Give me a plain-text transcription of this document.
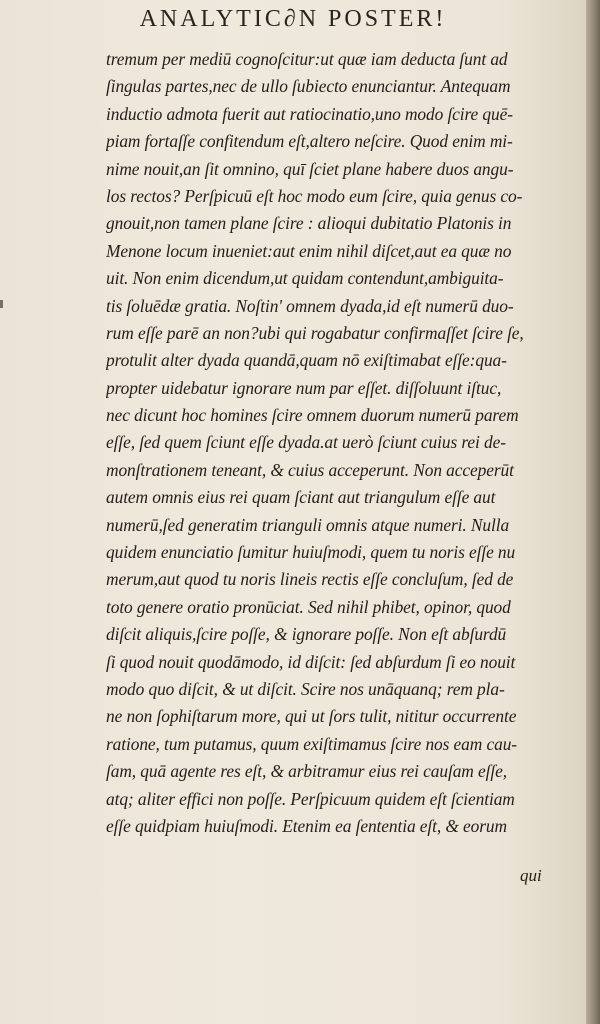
ANALYTIC∂N POSTER!
tremum per mediū cognoſcitur:ut quæ iam deducta ſunt ad
ſingulas partes,nec de ullo ſubiecto enunciantur. Antequam
inductio admota fuerit aut ratiocinatio,uno modo ſcire quē-
piam fortaſſe confitendum eſt,altero neſcire. Quod enim mi-
nime nouit,an ſit omnino, quī ſciet plane habere duos angu-
los rectos? Perſpicuū eſt hoc modo eum ſcire, quia genus co-
gnouit,non tamen plane ſcire : alioqui dubitatio Platonis in
Menone locum inueniet:aut enim nihil diſcet,aut ea quæ no
uit. Non enim dicendum,ut quidam contendunt,ambiguita-
tis ſoluēdæ gratia. Noſtin' omnem dyada,id eſt numerū duo-
rum eſſe parē an non?ubi qui rogabatur confirmaſſet ſcire ſe,
protulit alter dyada quandā,quam nō exiſtimabat eſſe:qua-
propter uidebatur ignorare num par eſſet. diſſoluunt iſtuc,
nec dicunt hoc homines ſcire omnem duorum numerū parem
eſſe, ſed quem ſciunt eſſe dyada.at uerò ſciunt cuius rei de-
monſtrationem teneant, & cuius acceperunt. Non acceperūt
autem omnis eius rei quam ſciant aut triangulum eſſe aut
numerū,ſed generatim trianguli omnis atque numeri. Nulla
quidem enunciatio ſumitur huiuſmodi, quem tu noris eſſe nu
merum,aut quod tu noris lineis rectis eſſe concluſum, ſed de
toto genere oratio pronūciat. Sed nihil phibet, opinor, quod
diſcit aliquis,ſcire poſſe, & ignorare poſſe. Non eſt abſurdū
ſi quod nouit quodāmodo, id diſcit: ſed abſurdum ſi eo nouit
modo quo diſcit, & ut diſcit. Scire nos unāquanq; rem pla-
ne non ſophiſtarum more, qui ut ſors tulit, nititur occurrente
ratione, tum putamus, quum exiſtimamus ſcire nos eam cau-
ſam, quā agente res eſt, & arbitramur eius rei cauſam eſſe,
atq; aliter effici non poſſe. Perſpicuum quidem eſt ſcientiam
eſſe quidpiam huiuſmodi. Etenim ea ſententia eſt, & eorum
qui
